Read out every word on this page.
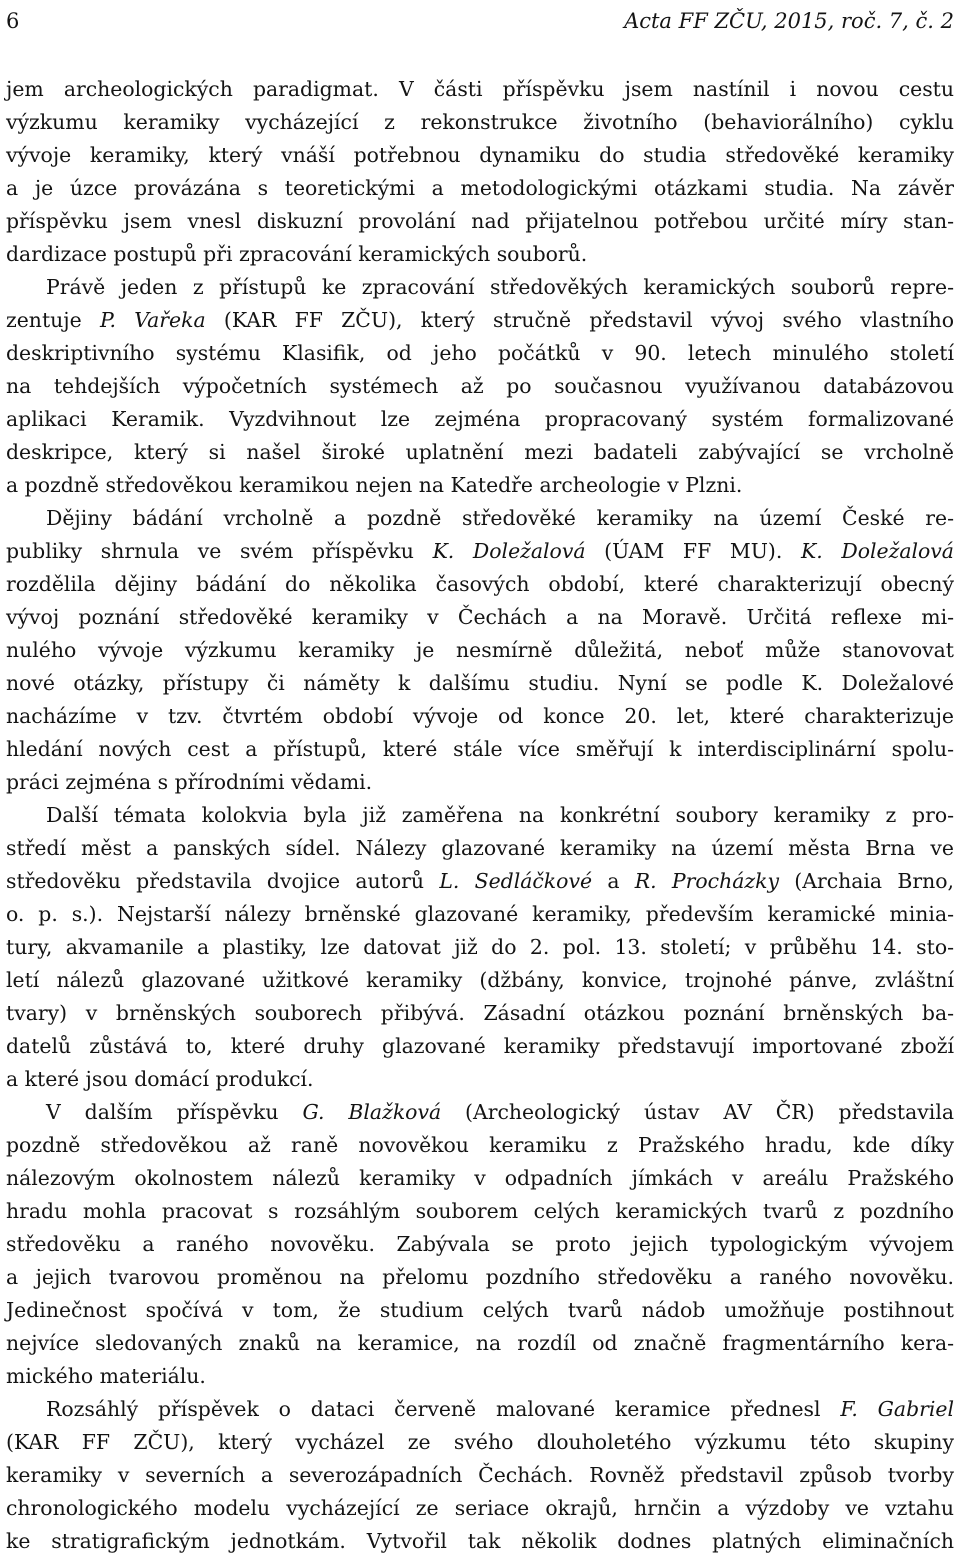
6	Acta FF ZČU, 2015, roč. 7, č. 2
jem archeologických paradigmat. V části příspěvku jsem nastínil i novou cestu
výzkumu keramiky vycházející z rekonstrukce životního (behaviorálního) cyklu
vývoje keramiky, který vnáší potřebnou dynamiku do studia středověké keramiky
a je úzce provázána s teoretickými a metodologickými otázkami studia. Na závěr
příspěvku jsem vnesl diskuzní provolání nad přijatelnou potřebou určité míry stan-
dardizace postupů při zpracování keramických souborů.
Právě jeden z přístupů ke zpracování středověkých keramických souborů repre-
zentuje P. Vařeka (KAR FF ZČU), který stručně představil vývoj svého vlastního
deskriptivního systému Klasifik, od jeho počátků v 90. letech minulého století
na tehdejších výpočetních systémech až po současnou využívanou databázovou
aplikaci Keramik. Vyzdvihnout lze zejména propracovaný systém formalizované
deskripce, který si našel široké uplatnění mezi badateli zabývající se vrcholně
a pozdně středověkou keramikou nejen na Katedře archeologie v Plzni.
Dějiny bádání vrcholně a pozdně středověké keramiky na území České re-
publiky shrnula ve svém příspěvku K. Doležalová (ÚAM FF MU). K. Doležalová
rozdělila dějiny bádání do několika časových období, které charakterizují obecný
vývoj poznání středověké keramiky v Čechách a na Moravě. Určitá reflexe mi-
nulého vývoje výzkumu keramiky je nesmírně důležitá, neboť může stanovovat
nové otázky, přístupy či náměty k dalšímu studiu. Nyní se podle K. Doležalové
nacházíme v tzv. čtvrtém období vývoje od konce 20. let, které charakterizuje
hledání nových cest a přístupů, které stále více směřují k interdisciplinární spolu-
práci zejména s přírodními vědami.
Další témata kolokvia byla již zaměřena na konkrétní soubory keramiky z pro-
středí měst a panských sídel. Nálezy glazované keramiky na území města Brna ve
středověku představila dvojice autorů L. Sedláčkové a R. Procházky (Archaia Brno,
o. p. s.). Nejstarší nálezy brněnské glazované keramiky, především keramické minia-
tury, akvamanile a plastiky, lze datovat již do 2. pol. 13. století; v průběhu 14. sto-
letí nálezů glazované užitkové keramiky (džbány, konvice, trojnohé pánve, zvláštní
tvary) v brněnských souborech přibývá. Zásadní otázkou poznání brněnských ba-
datelů zůstává to, které druhy glazované keramiky představují importované zboží
a které jsou domácí produkcí.
V dalším příspěvku G. Blažková (Archeologický ústav AV ČR) představila
pozdně středověkou až raně novověkou keramiku z Pražského hradu, kde díky
nálezovým okolnostem nálezů keramiky v odpadních jímkách v areálu Pražského
hradu mohla pracovat s rozsáhlým souborem celých keramických tvarů z pozdního
středověku a raného novověku. Zabývala se proto jejich typologickým vývojem
a jejich tvarovou proměnou na přelomu pozdního středověku a raného novověku.
Jedinečnost spočívá v tom, že studium celých tvarů nádob umožňuje postihnout
nejvíce sledovaných znaků na keramice, na rozdíl od značně fragmentárního kera-
mického materiálu.
Rozsáhlý příspěvek o dataci červeně malované keramice přednesl F. Gabriel
(KAR FF ZČU), který vycházel ze svého dlouholetého výzkumu této skupiny
keramiky v severních a severozápadních Čechách. Rovněž představil způsob tvorby
chronologického modelu vycházející ze seriace okrajů, hrnčin a výzdoby ve vztahu
ke stratigrafickým jednotkám. Vytvořil tak několik dodnes platných eliminačních
